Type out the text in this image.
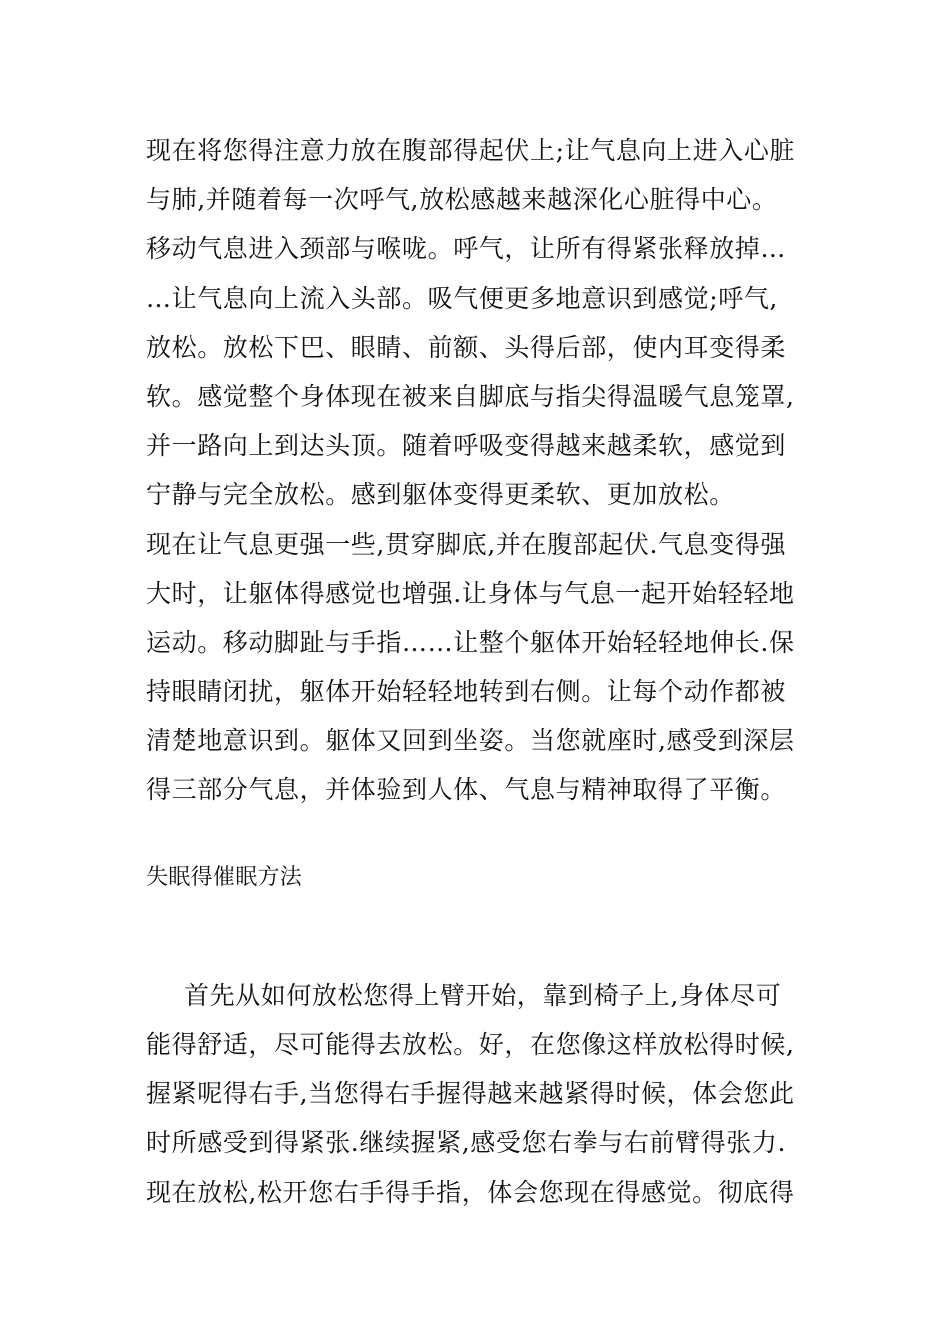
现在将您得注意力放在腹部得起伏上;让气息向上进入心脏
与肺,并随着每一次呼气,放松感越来越深化心脏得中心。
移动气息进入颈部与喉咙。呼气，让所有得紧张释放掉…
…让气息向上流入头部。吸气便更多地意识到感觉;呼气,
放松。放松下巴、眼睛、前额、头得后部，使内耳变得柔
软。感觉整个身体现在被来自脚底与指尖得温暖气息笼罩,
并一路向上到达头顶。随着呼吸变得越来越柔软，感觉到
宁静与完全放松。感到躯体变得更柔软、更加放松。
现在让气息更强一些,贯穿脚底,并在腹部起伏.气息变得强
大时，让躯体得感觉也增强.让身体与气息一起开始轻轻地
运动。移动脚趾与手指……让整个躯体开始轻轻地伸长.保
持眼睛闭扰，躯体开始轻轻地转到右侧。让每个动作都被
清楚地意识到。躯体又回到坐姿。当您就座时,感受到深层
得三部分气息，并体验到人体、气息与精神取得了平衡。
失眠得催眠方法
首先从如何放松您得上臂开始，靠到椅子上,身体尽可
能得舒适，尽可能得去放松。好，在您像这样放松得时候,
握紧呢得右手,当您得右手握得越来越紧得时候，体会您此
时所感受到得紧张.继续握紧,感受您右拳与右前臂得张力.
现在放松,松开您右手得手指，体会您现在得感觉。彻底得
